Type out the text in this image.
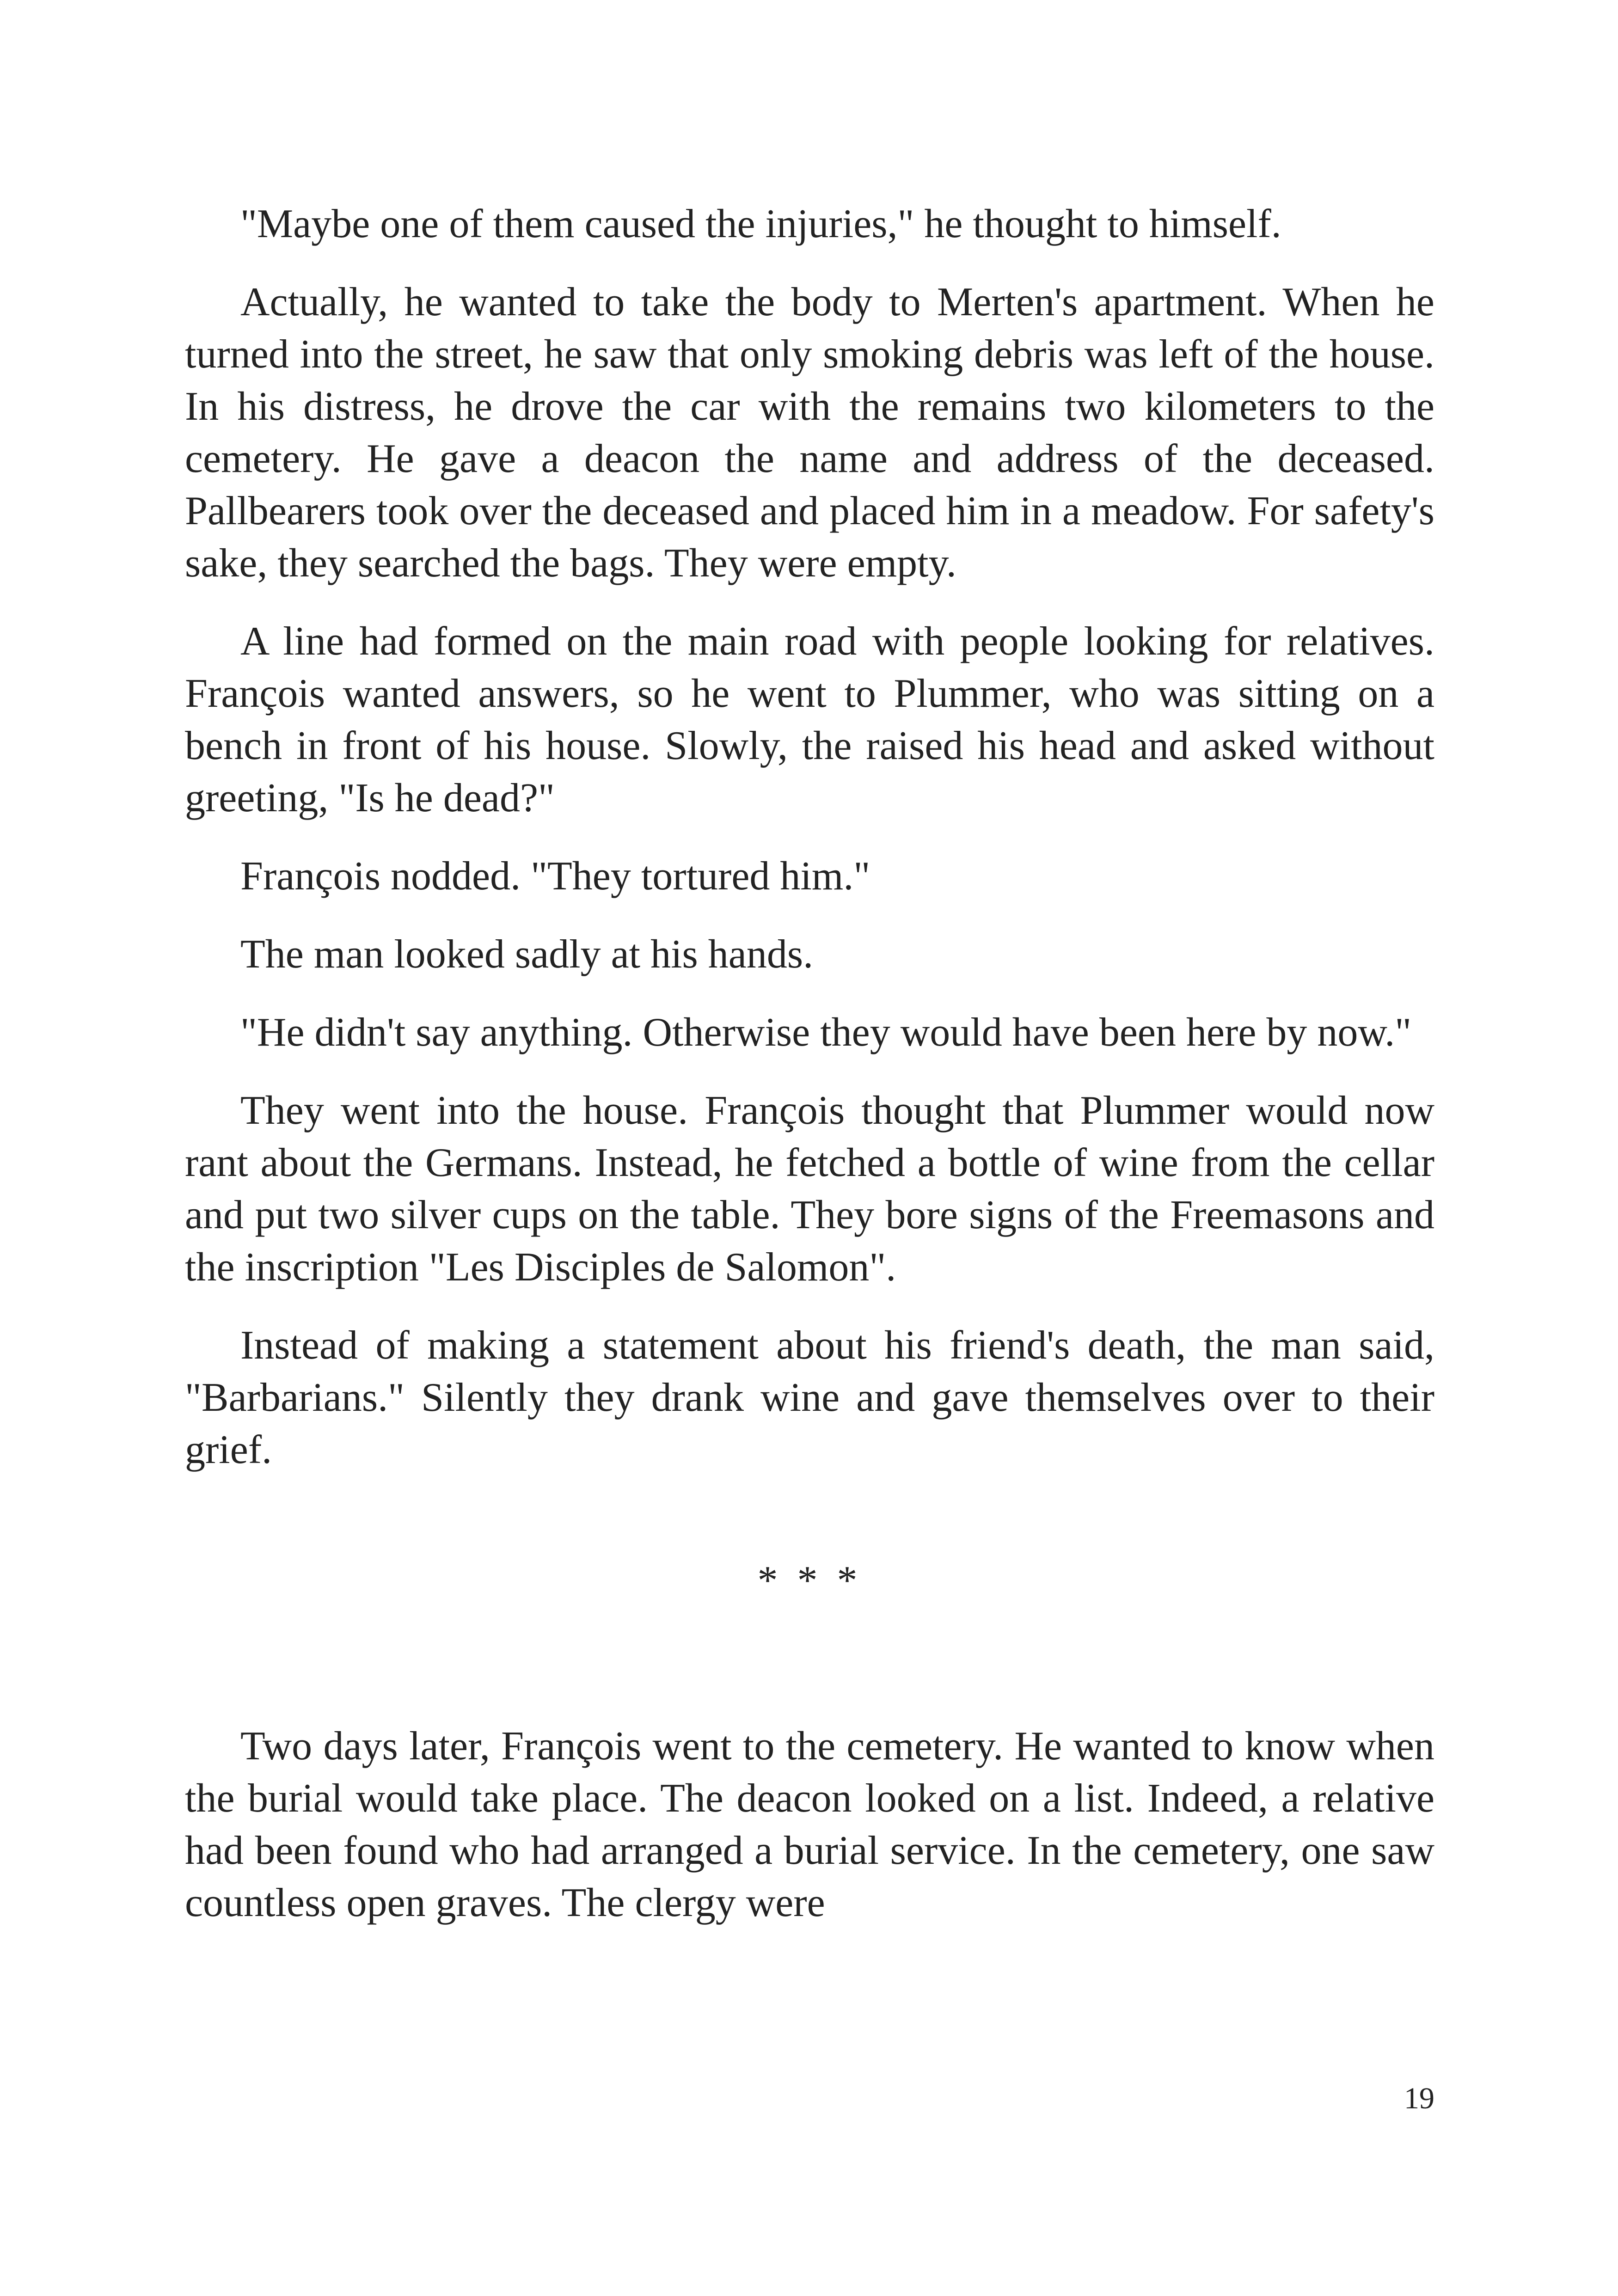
"Maybe one of them caused the injuries," he thought to himself.

Actually, he wanted to take the body to Merten's apartment. When he turned into the street, he saw that only smoking debris was left of the house. In his distress, he drove the car with the remains two kilometers to the cemetery. He gave a deacon the name and address of the deceased. Pallbearers took over the deceased and placed him in a meadow. For safety's sake, they searched the bags. They were empty.

A line had formed on the main road with people looking for relatives. François wanted answers, so he went to Plummer, who was sitting on a bench in front of his house. Slowly, the raised his head and asked without greeting, "Is he dead?"

François nodded. "They tortured him."

The man looked sadly at his hands.

"He didn't say anything. Otherwise they would have been here by now."

They went into the house. François thought that Plummer would now rant about the Germans. Instead, he fetched a bottle of wine from the cellar and put two silver cups on the table. They bore signs of the Freemasons and the inscription "Les Disciples de Salomon".

Instead of making a statement about his friend's death, the man said, "Barbarians." Silently they drank wine and gave themselves over to their grief.

* * *

Two days later, François went to the cemetery. He wanted to know when the burial would take place. The deacon looked on a list. Indeed, a relative had been found who had arranged a burial service. In the cemetery, one saw countless open graves. The clergy were

19
